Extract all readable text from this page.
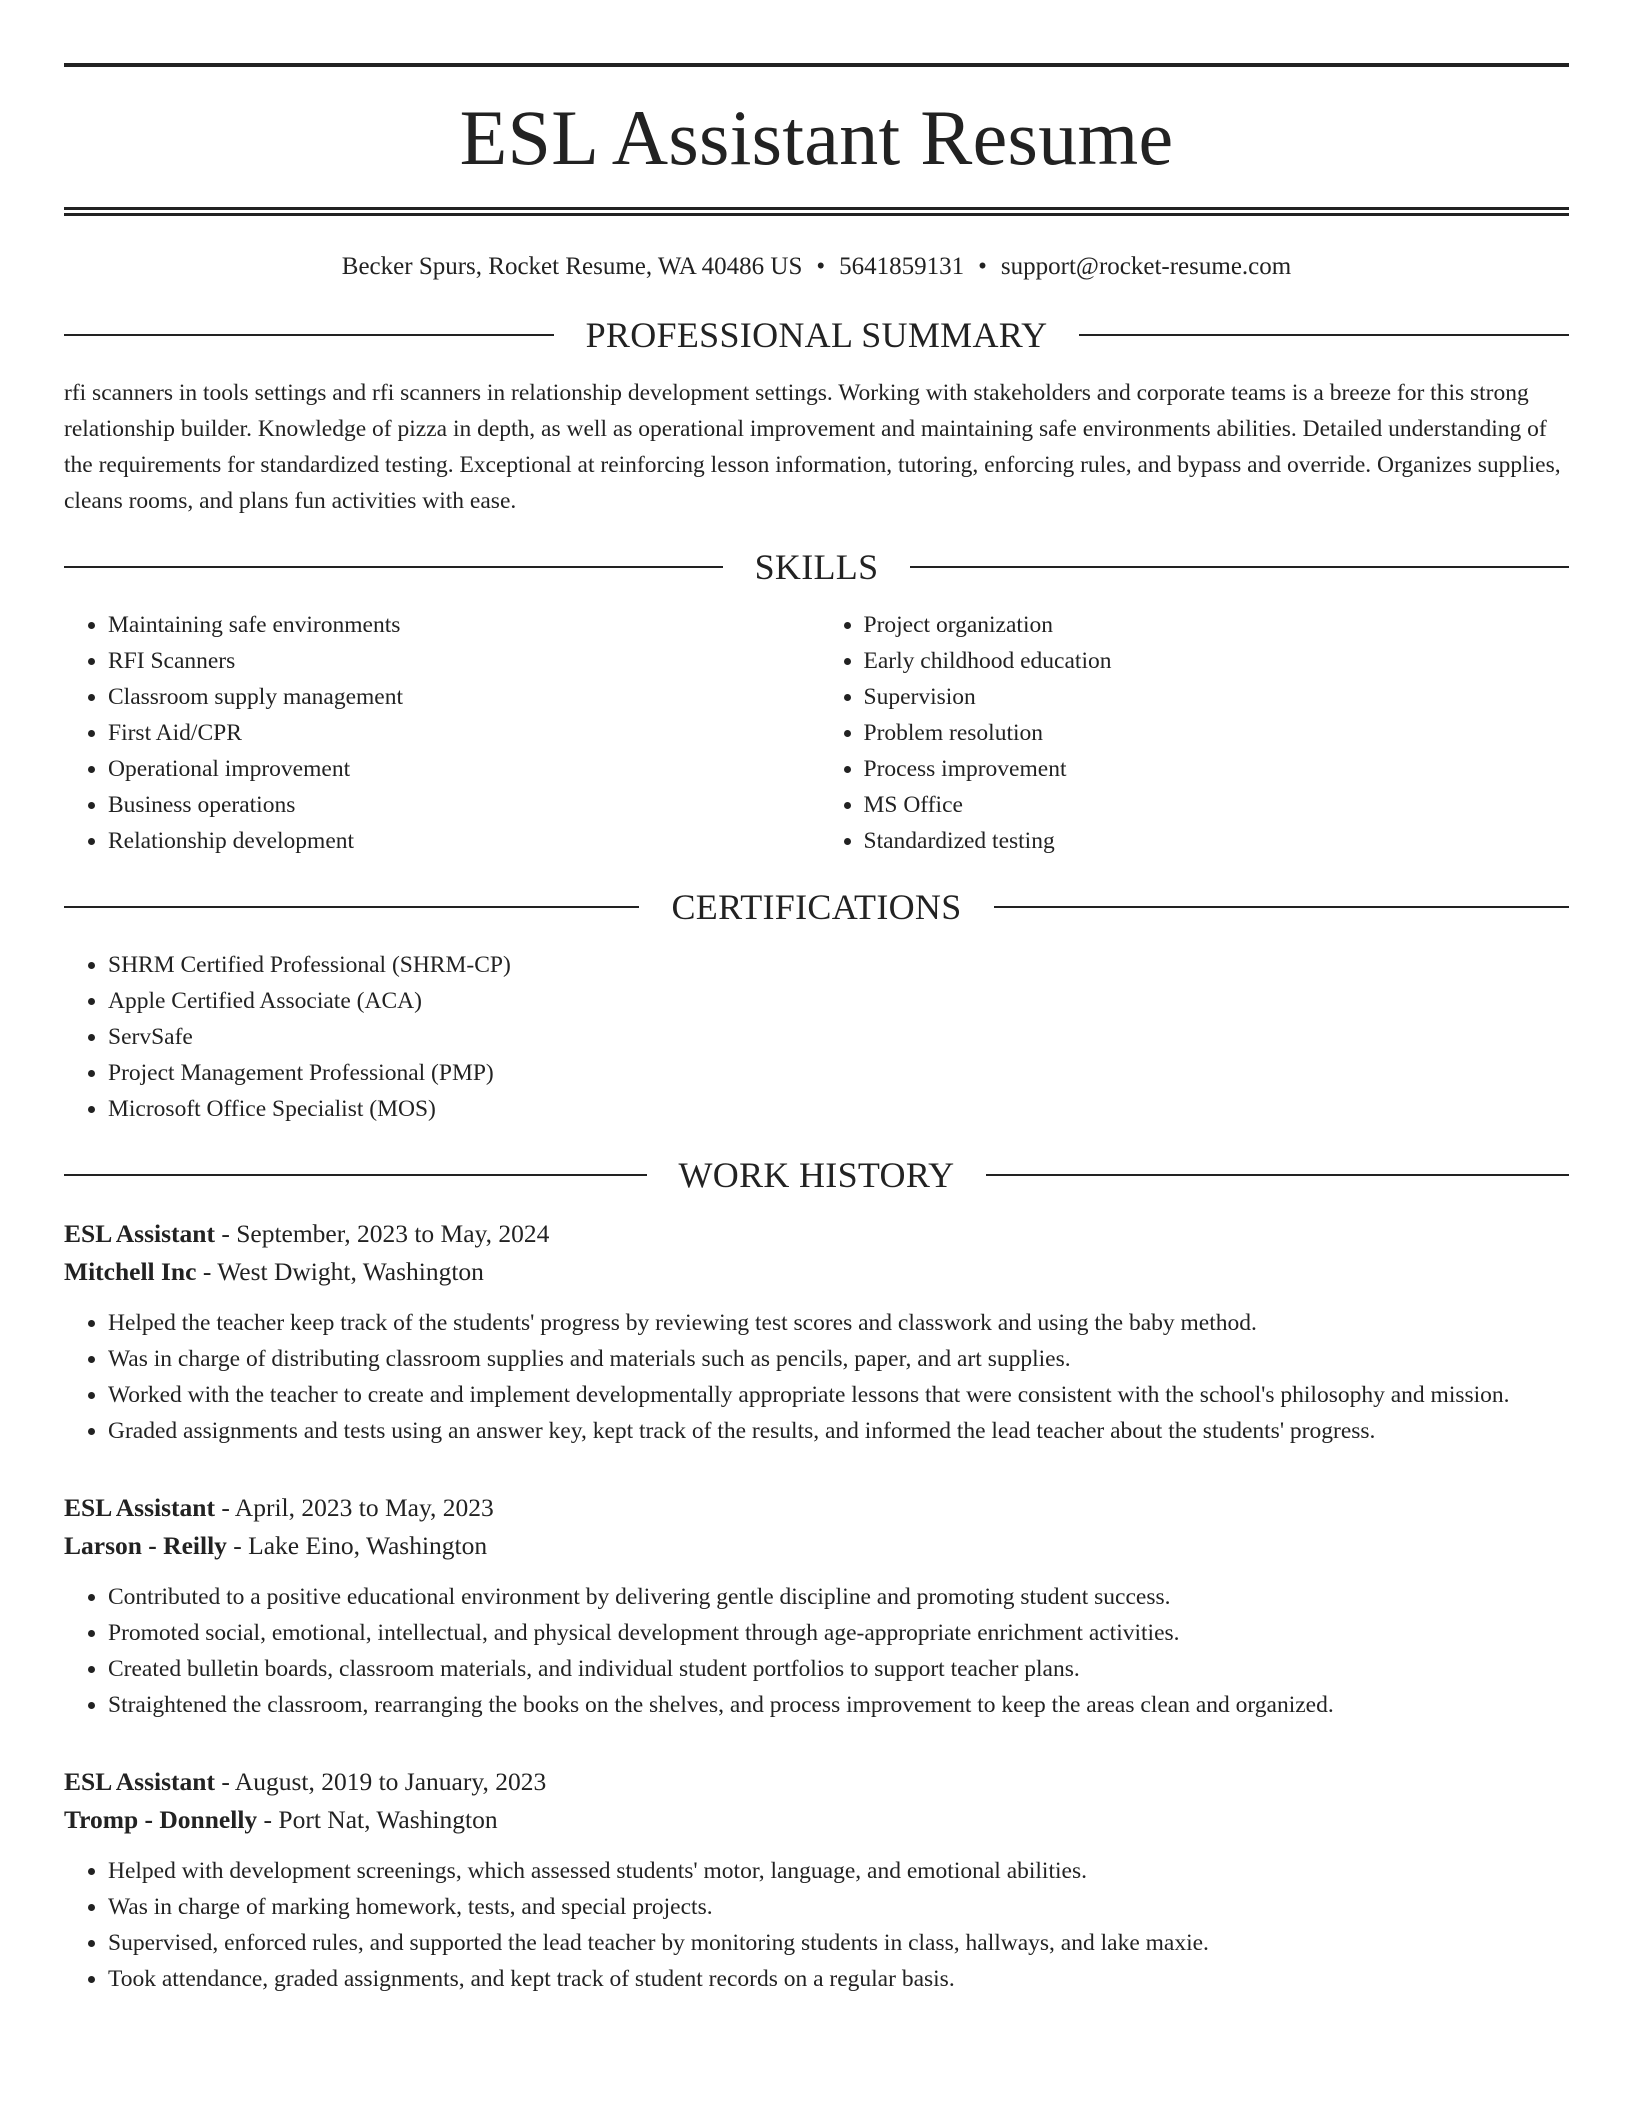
ESL Assistant Resume
Becker Spurs, Rocket Resume, WA 40486 US • 5641859131 • support@rocket-resume.com
PROFESSIONAL SUMMARY

rfi scanners in tools settings and rfi scanners in relationship development settings. Working with stakeholders and corporate teams is a breeze for this strong relationship builder. Knowledge of pizza in depth, as well as operational improvement and maintaining safe environments abilities. Detailed understanding of the requirements for standardized testing. Exceptional at reinforcing lesson information, tutoring, enforcing rules, and bypass and override. Organizes supplies, cleans rooms, and plans fun activities with ease.

SKILLS
• Maintaining safe environments
• RFI Scanners
• Classroom supply management
• First Aid/CPR
• Operational improvement
• Business operations
• Relationship development
• Project organization
• Early childhood education
• Supervision
• Problem resolution
• Process improvement
• MS Office
• Standardized testing
CERTIFICATIONS
• SHRM Certified Professional (SHRM-CP)
• Apple Certified Associate (ACA)
• ServSafe
• Project Management Professional (PMP)
• Microsoft Office Specialist (MOS)
WORK HISTORY
ESL Assistant - September, 2023 to May, 2024
Mitchell Inc - West Dwight, Washington
• Helped the teacher keep track of the students' progress by reviewing test scores and classwork and using the baby method.
• Was in charge of distributing classroom supplies and materials such as pencils, paper, and art supplies.
• Worked with the teacher to create and implement developmentally appropriate lessons that were consistent with the school's philosophy and mission.
• Graded assignments and tests using an answer key, kept track of the results, and informed the lead teacher about the students' progress.
ESL Assistant - April, 2023 to May, 2023
Larson - Reilly - Lake Eino, Washington
• Contributed to a positive educational environment by delivering gentle discipline and promoting student success.
• Promoted social, emotional, intellectual, and physical development through age-appropriate enrichment activities.
• Created bulletin boards, classroom materials, and individual student portfolios to support teacher plans.
• Straightened the classroom, rearranging the books on the shelves, and process improvement to keep the areas clean and organized.
ESL Assistant - August, 2019 to January, 2023
Tromp - Donnelly - Port Nat, Washington
• Helped with development screenings, which assessed students' motor, language, and emotional abilities.
• Was in charge of marking homework, tests, and special projects.
• Supervised, enforced rules, and supported the lead teacher by monitoring students in class, hallways, and lake maxie.
• Took attendance, graded assignments, and kept track of student records on a regular basis.
